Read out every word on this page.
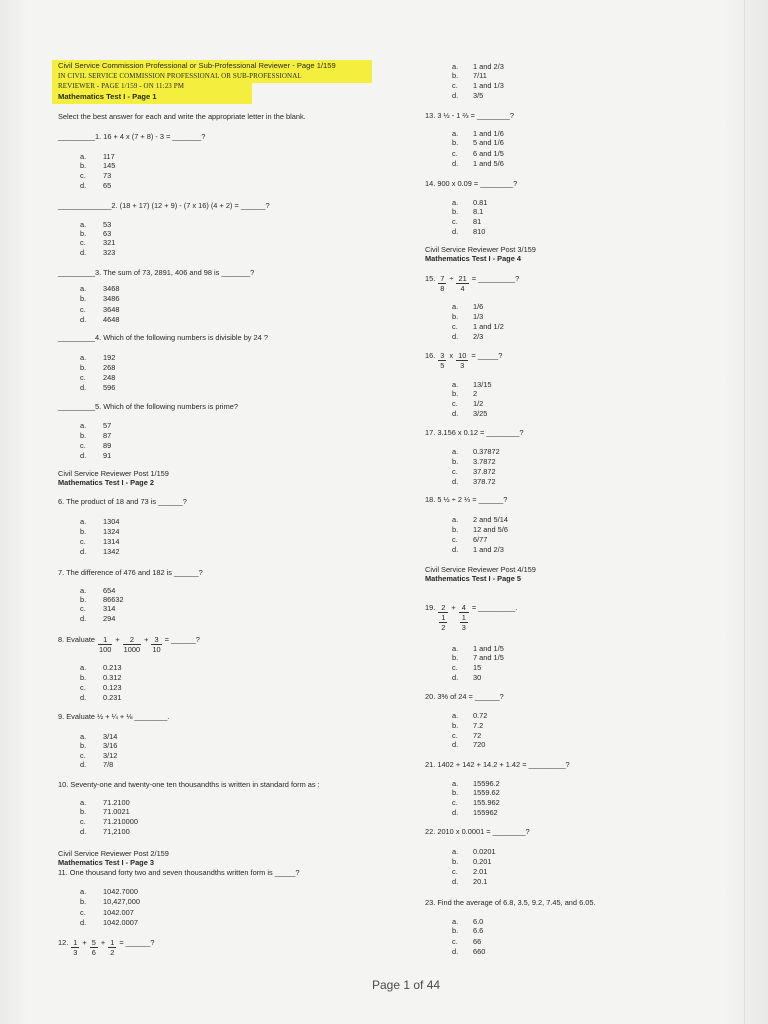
Civil Service Commission Professional or Sub-Professional Reviewer - Page 1/159
IN CIVIL SERVICE COMMISSION PROFESSIONAL OR SUB-PROFESSIONAL
REVIEWER - PAGE 1/159 - ON 11:23 PM
Mathematics Test I - Page 1
Select the best answer for each and write the appropriate letter in the blank.
Civil Service Reviewer Post 1/159
Mathematics Test I - Page 2
Civil Service Reviewer Post 2/159
Mathematics Test I - Page 3
Civil Service Reviewer Post 3/159
Mathematics Test I - Page 4
Civil Service Reviewer Post 4/159
Mathematics Test I - Page 5
Page 1 of 44
_________1. 16 + 4 x (7 + 8) - 3 = _______?
a. 117
b. 145
c. 73
d. 65
_____________2. (18 + 17) (12 + 9) - (7 x 16) (4 + 2) = ______?
a. 53
b. 63
c. 321
d. 323
_________3. The sum of 73, 2891, 406 and 98 is _______?
a. 3468
b. 3486
c. 3648
d. 4648
_________4. Which of the following numbers is divisible by 24 ?
a. 192
b. 268
c. 248
d. 596
_________5. Which of the following numbers is prime?
a. 57
b. 87
c. 89
d. 91
6. The product of 18 and 73 is ______?
a. 1304
b. 1324
c. 1314
d. 1342
7. The difference of 476 and 182 is ______?
a. 654
b. 86632
c. 314
d. 294
8. Evaluate $\frac{1}{100} + \frac{2}{1000} + \frac{3}{10}$ = ______?
a. 0.213
b. 0.312
c. 0.123
d. 0.231
9. Evaluate ½ + ¼ + ⅛ ________.
a. 3/14
b. 3/16
c. 3/12
d. 7/8
10. Seventy-one and twenty-one ten thousandths is written in standard form as :
a. 71.2100
b. 71.0021
c. 71.210000
d. 71,2100
11. One thousand forty two and seven thousandths written form is _____?
a. 1042.7000
b. 10,427,000
c. 1042.007
d. 1042.0007
12. $\frac{1}{3} + \frac{5}{6} + \frac{1}{2}$ = ______?
a. 1 and 2/3
b. 7/11
c. 1 and 1/3
d. 3/5
13. 3 ½ - 1 ⅔ = ________?
a. 1 and 1/6
b. 5 and 1/6
c. 6 and 1/5
d. 1 and 5/6
14. 900 x 0.09 = ________?
a. 0.81
b. 8.1
c. 81
d. 810
15. $\frac{7}{8} \div \frac{21}{4}$ = _________?
a. 1/6
b. 1/3
c. 1 and 1/2
d. 2/3
16. $\frac{3}{5}$ x $\frac{10}{3}$ = _____?
a. 13/15
b. 2
c. 1/2
d. 3/25
17. 3.156 x 0.12 = ________?
a. 0.37872
b. 3.7872
c. 37.872
d. 378.72
18. 5 ½ ÷ 2 ⅓ = ______?
a. 2 and 5/14
b. 12 and 5/6
c. 6/77
d. 1 and 2/3
19. $\frac{2}{\frac{1}{2}} + \frac{4}{\frac{1}{3}}$ = _________.
a. 1 and 1/5
b. 7 and 1/5
c. 15
d. 30
20. 3% of 24 = ______?
a. 0.72
b. 7.2
c. 72
d. 720
21. 1402 + 142 + 14.2 + 1.42 = _________?
a. 15596.2
b. 1559.62
c. 155.962
d. 155962
22. 2010 x 0.0001 = ________?
a. 0.0201
b. 0.201
c. 2.01
d. 20.1
23. Find the average of 6.8, 3.5, 9.2, 7.45, and 6.05.
a. 6.0
b. 6.6
c. 66
d. 660
